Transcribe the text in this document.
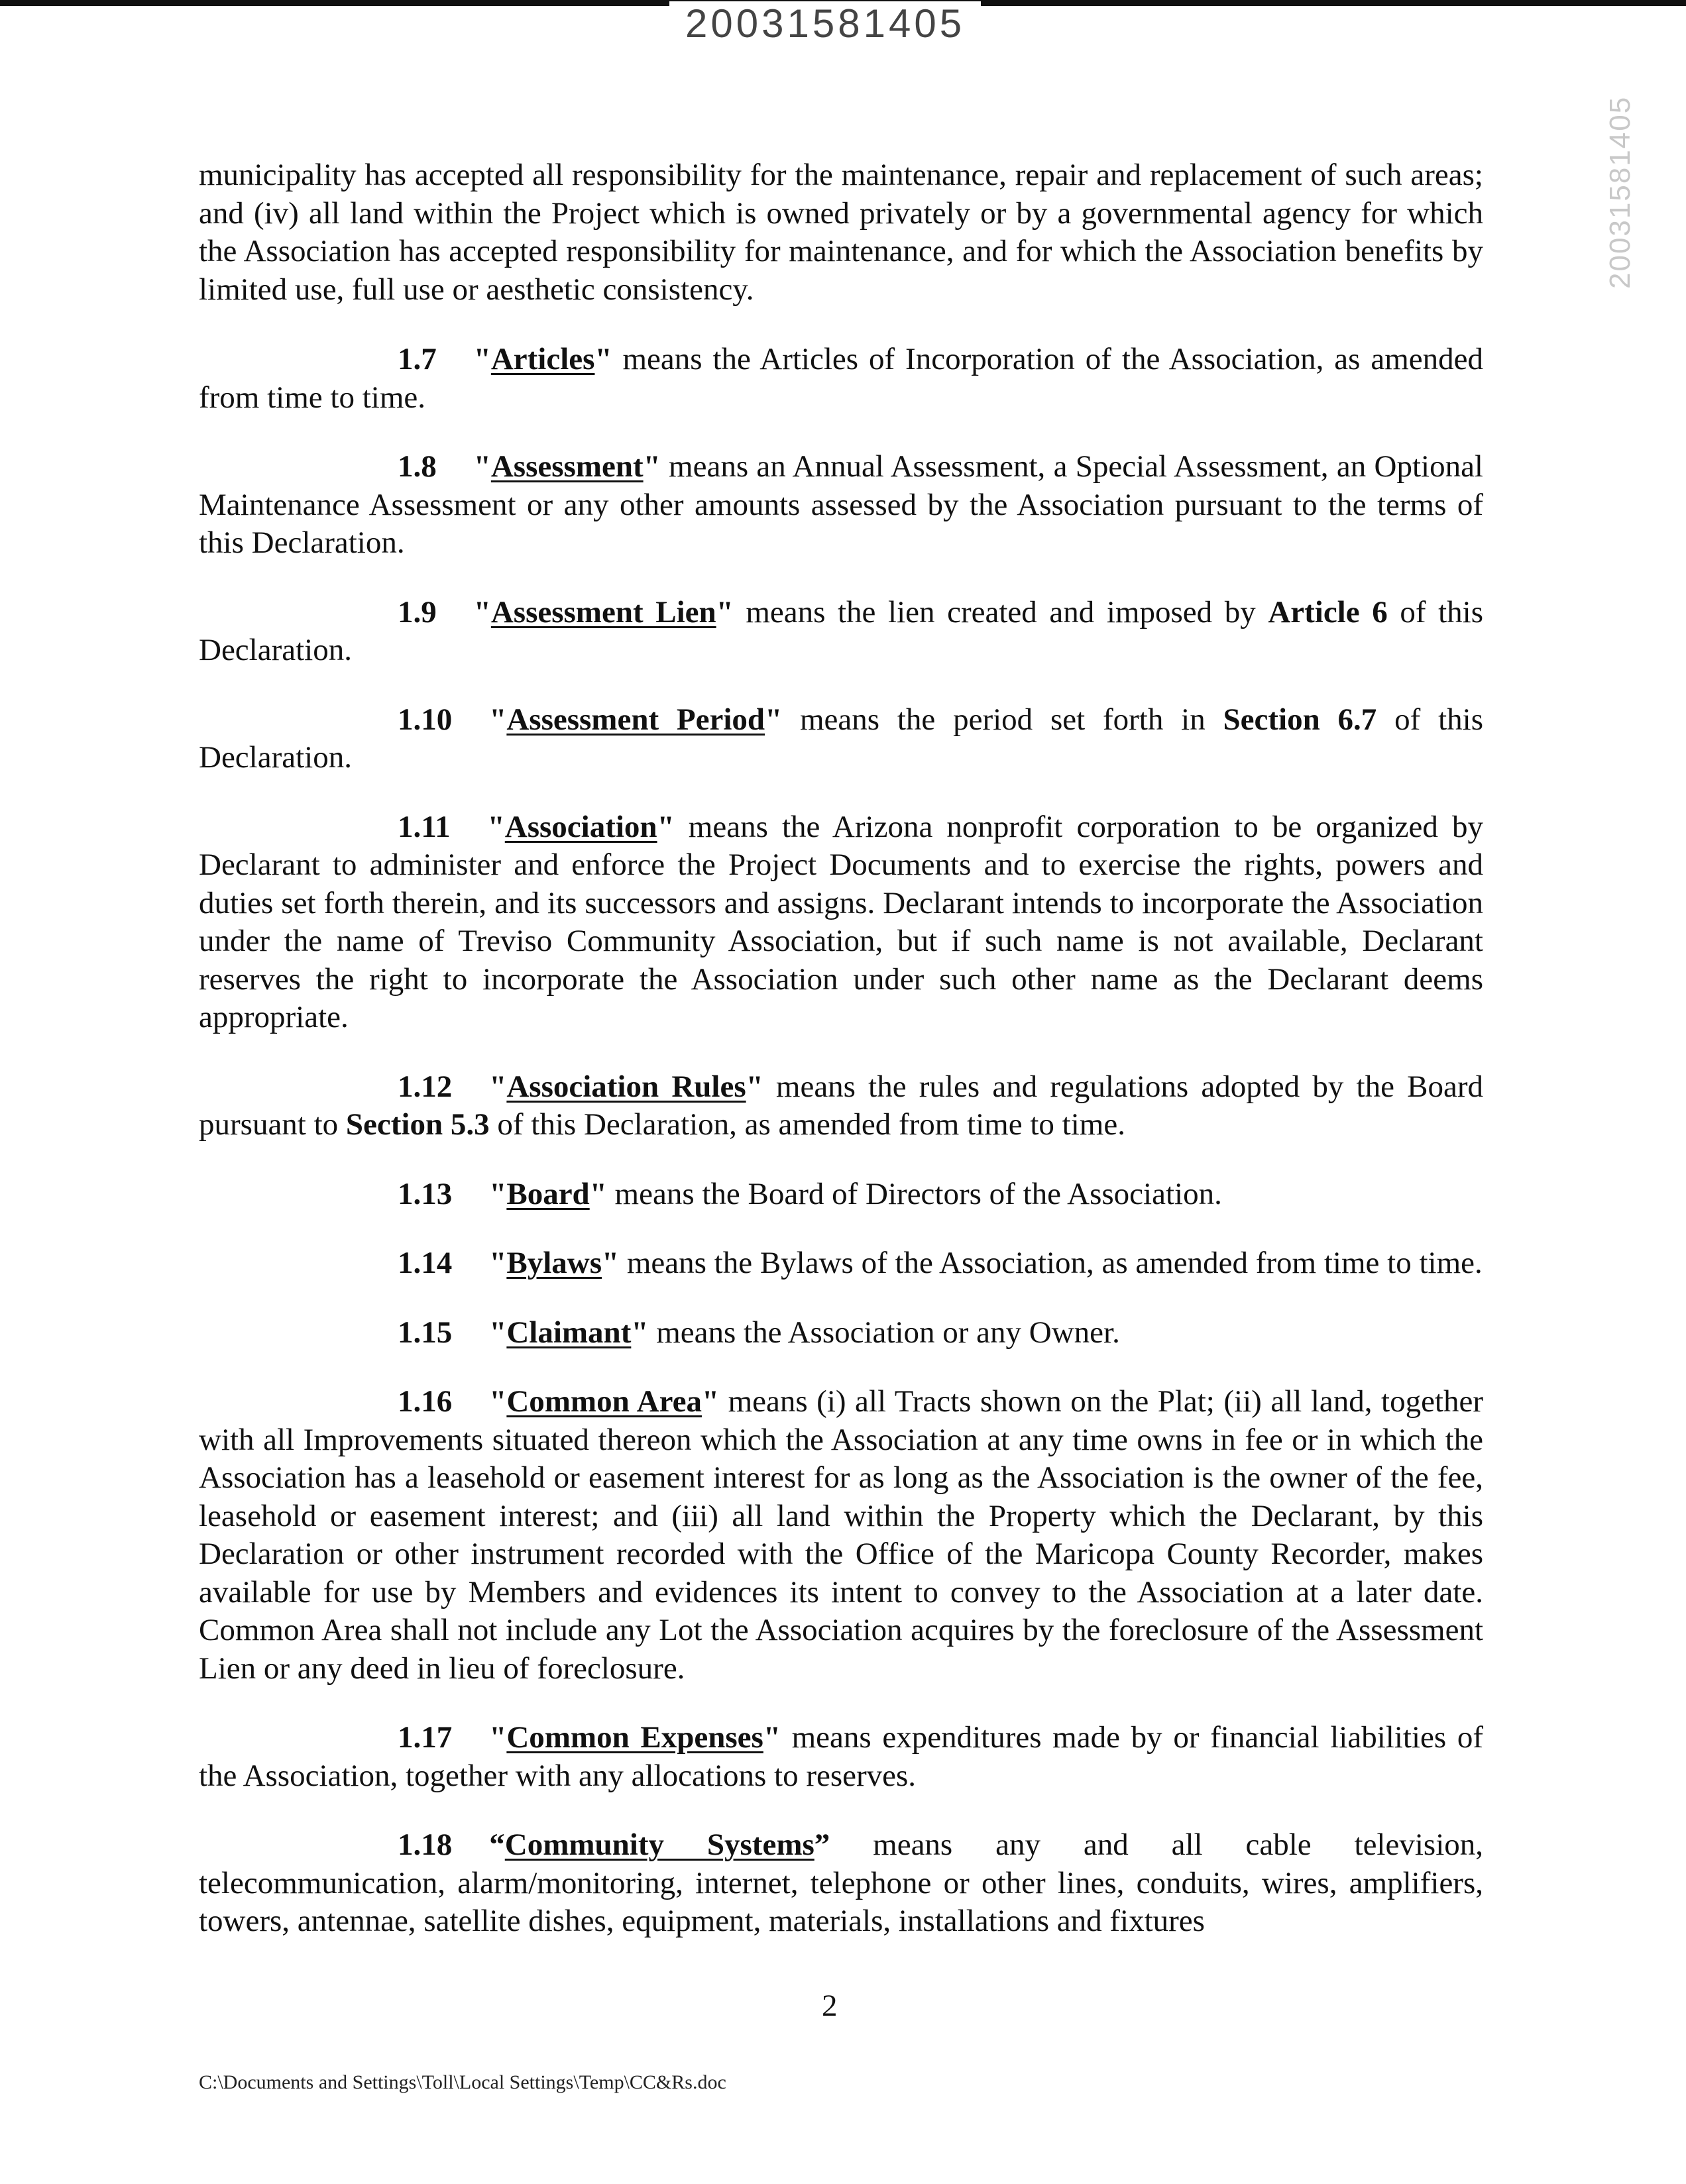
20031581405
20031581405

municipality has accepted all responsibility for the maintenance, repair and replacement of such areas; and (iv) all land within the Project which is owned privately or by a governmental agency for which the Association has accepted responsibility for maintenance, and for which the Association benefits by limited use, full use or aesthetic consistency.

1.7 "Articles" means the Articles of Incorporation of the Association, as amended from time to time.

1.8 "Assessment" means an Annual Assessment, a Special Assessment, an Optional Maintenance Assessment or any other amounts assessed by the Association pursuant to the terms of this Declaration.

1.9 "Assessment Lien" means the lien created and imposed by Article 6 of this Declaration.

1.10 "Assessment Period" means the period set forth in Section 6.7 of this Declaration.

1.11 "Association" means the Arizona nonprofit corporation to be organized by Declarant to administer and enforce the Project Documents and to exercise the rights, powers and duties set forth therein, and its successors and assigns. Declarant intends to incorporate the Association under the name of Treviso Community Association, but if such name is not available, Declarant reserves the right to incorporate the Association under such other name as the Declarant deems appropriate.

1.12 "Association Rules" means the rules and regulations adopted by the Board pursuant to Section 5.3 of this Declaration, as amended from time to time.

1.13 "Board" means the Board of Directors of the Association.

1.14 "Bylaws" means the Bylaws of the Association, as amended from time to time.

1.15 "Claimant" means the Association or any Owner.

1.16 "Common Area" means (i) all Tracts shown on the Plat; (ii) all land, together with all Improvements situated thereon which the Association at any time owns in fee or in which the Association has a leasehold or easement interest for as long as the Association is the owner of the fee, leasehold or easement interest; and (iii) all land within the Property which the Declarant, by this Declaration or other instrument recorded with the Office of the Maricopa County Recorder, makes available for use by Members and evidences its intent to convey to the Association at a later date. Common Area shall not include any Lot the Association acquires by the foreclosure of the Assessment Lien or any deed in lieu of foreclosure.

1.17 "Common Expenses" means expenditures made by or financial liabilities of the Association, together with any allocations to reserves.

1.18 “Community Systems” means any and all cable television, telecommunication, alarm/monitoring, internet, telephone or other lines, conduits, wires, amplifiers, towers, antennae, satellite dishes, equipment, materials, installations and fixtures

2
C:\Documents and Settings\Toll\Local Settings\Temp\CC&Rs.doc
